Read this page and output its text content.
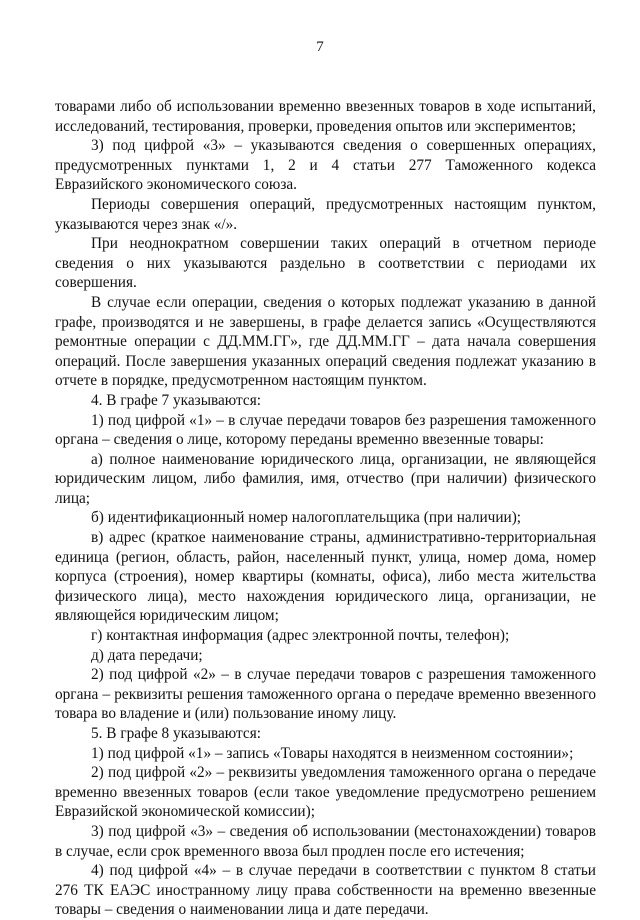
7

товарами либо об использовании временно ввезенных товаров в ходе испытаний, исследований, тестирования, проверки, проведения опытов или экспериментов;

3) под цифрой «3» – указываются сведения о совершенных операциях, предусмотренных пунктами 1, 2 и 4 статьи 277 Таможенного кодекса Евразийского экономического союза.

Периоды совершения операций, предусмотренных настоящим пунктом, указываются через знак «/».

При неоднократном совершении таких операций в отчетном периоде сведения о них указываются раздельно в соответствии с периодами их совершения.

В случае если операции, сведения о которых подлежат указанию в данной графе, производятся и не завершены, в графе делается запись «Осуществляются ремонтные операции с ДД.ММ.ГГ», где ДД.ММ.ГГ – дата начала совершения операций. После завершения указанных операций сведения подлежат указанию в отчете в порядке, предусмотренном настоящим пунктом.

4. В графе 7 указываются:

1) под цифрой «1» – в случае передачи товаров без разрешения таможенного органа – сведения о лице, которому переданы временно ввезенные товары:

а) полное наименование юридического лица, организации, не являющейся юридическим лицом, либо фамилия, имя, отчество (при наличии) физического лица;

б) идентификационный номер налогоплательщика (при наличии);

в) адрес (краткое наименование страны, административно-территориальная единица (регион, область, район, населенный пункт, улица, номер дома, номер корпуса (строения), номер квартиры (комнаты, офиса), либо места жительства физического лица), место нахождения юридического лица, организации, не являющейся юридическим лицом;

г) контактная информация (адрес электронной почты, телефон);

д) дата передачи;

2) под цифрой «2» – в случае передачи товаров с разрешения таможенного органа – реквизиты решения таможенного органа о передаче временно ввезенного товара во владение и (или) пользование иному лицу.

5. В графе 8 указываются:

1) под цифрой «1» – запись «Товары находятся в неизменном состоянии»;

2) под цифрой «2» – реквизиты уведомления таможенного органа о передаче временно ввезенных товаров (если такое уведомление предусмотрено решением Евразийской экономической комиссии);

3) под цифрой «3» – сведения об использовании (местонахождении) товаров в случае, если срок временного ввоза был продлен после его истечения;

4) под цифрой «4» – в случае передачи в соответствии с пунктом 8 статьи 276 ТК ЕАЭС иностранному лицу права собственности на временно ввезенные товары – сведения о наименовании лица и дате передачи.
